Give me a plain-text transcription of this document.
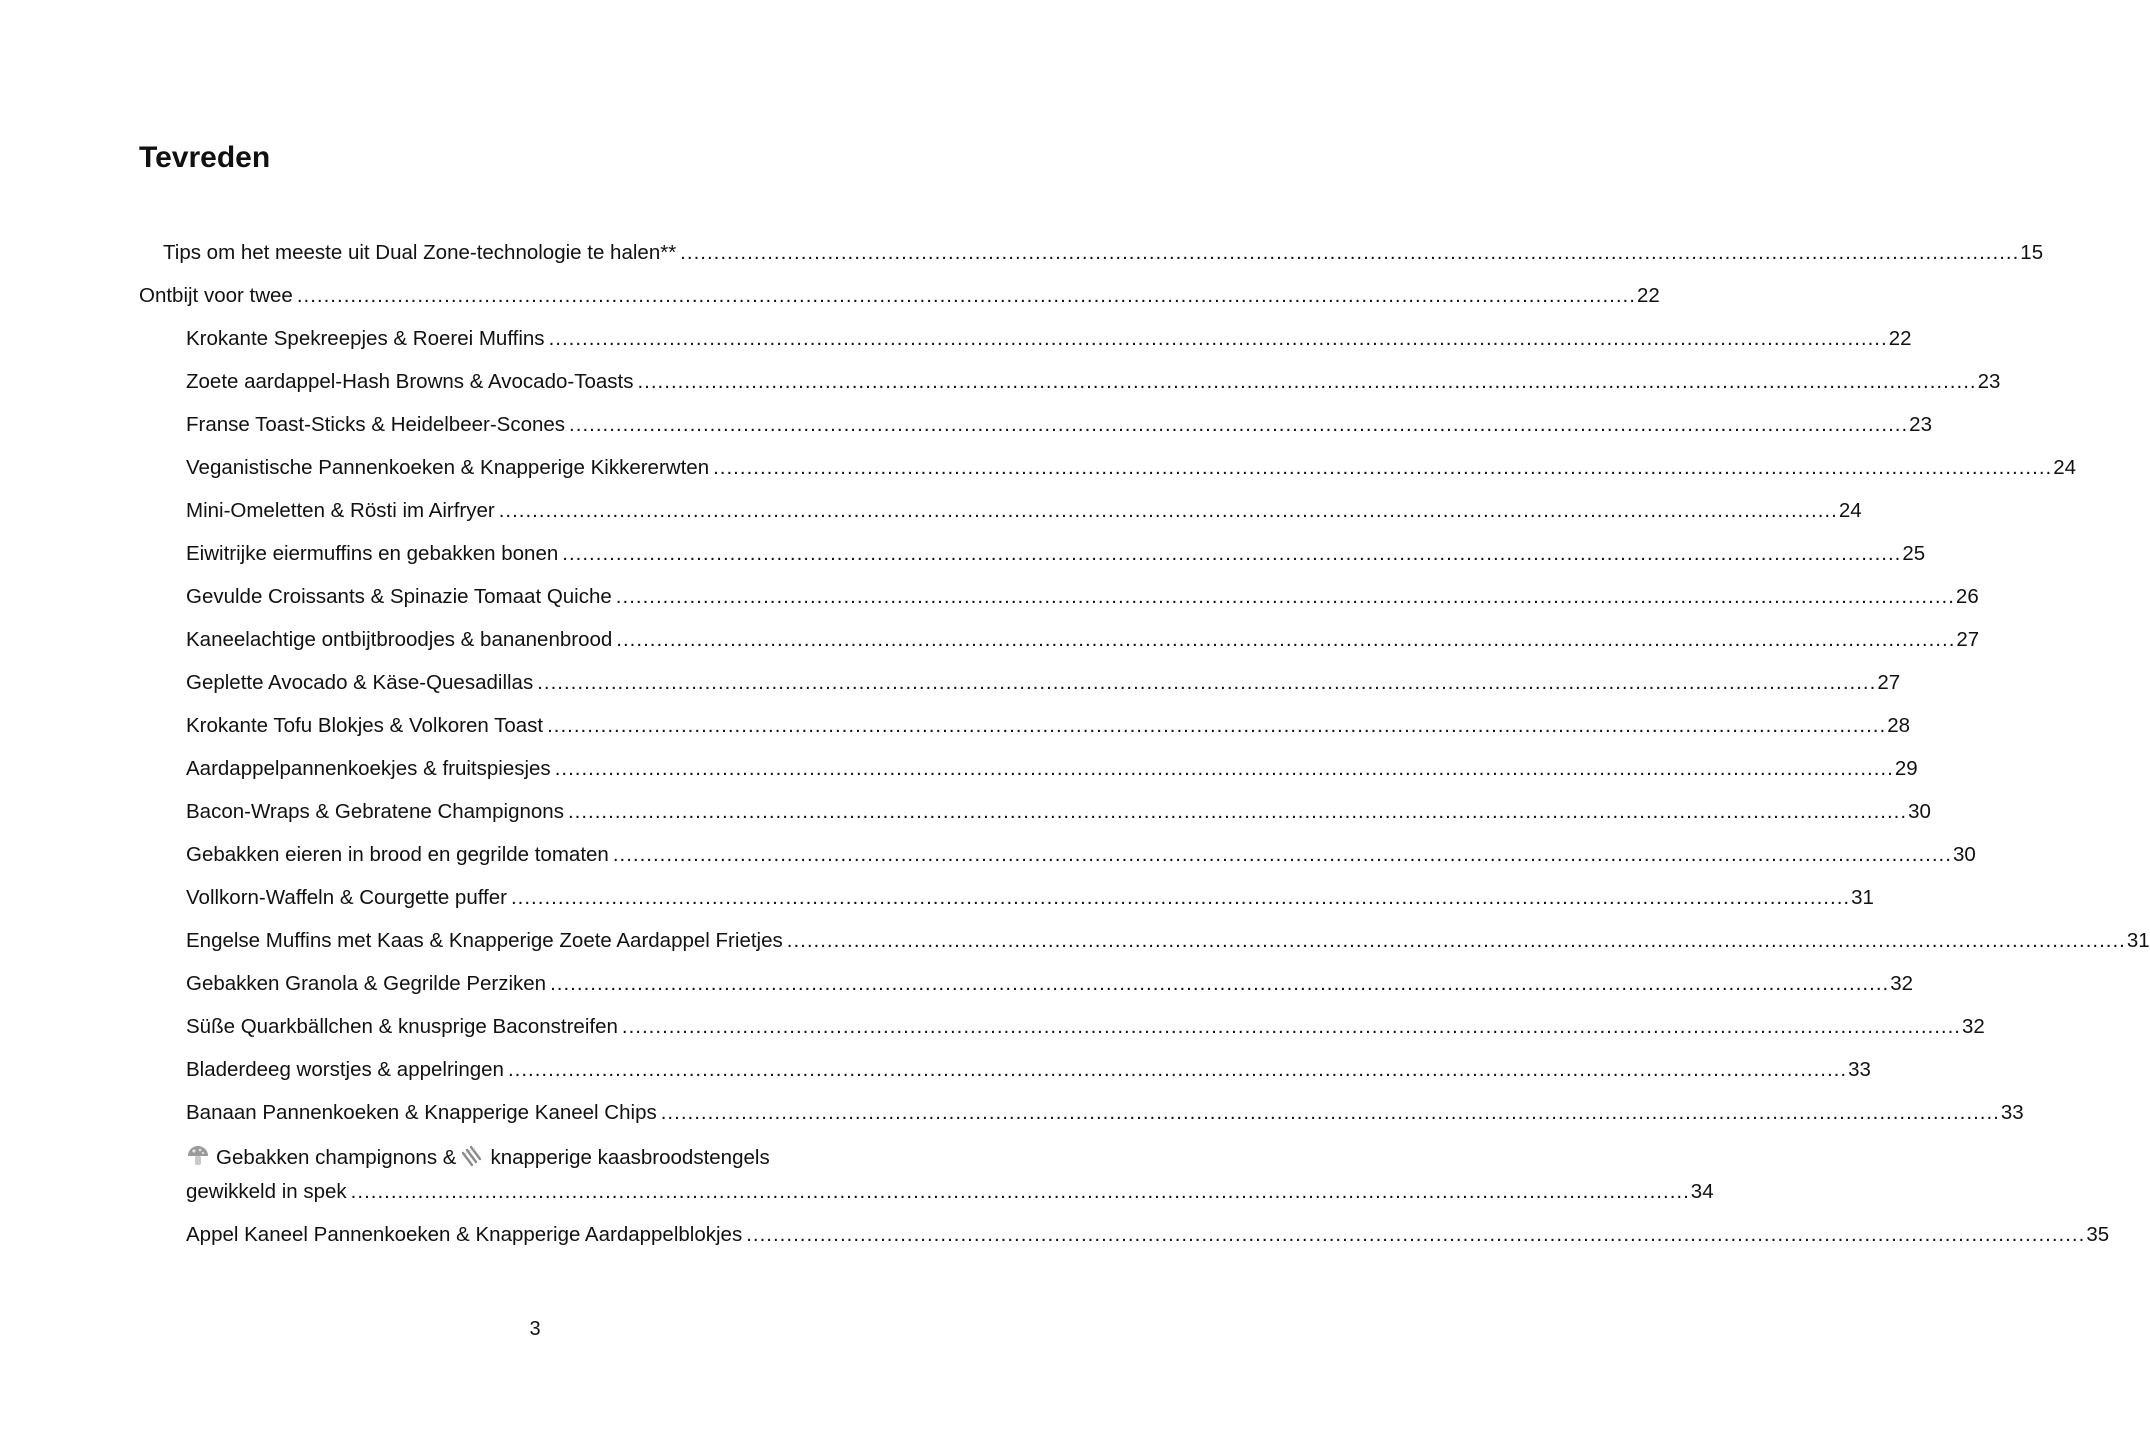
Tevreden
Tips om het meeste uit Dual Zone-technologie te halen** ........................................................................................................................................................................................................ 15
Ontbijt voor twee ........................................................................................................................................................................................................ 22
Krokante Spekreepjes & Roerei Muffins ........................................................................................................................................................................................................ 22
Zoete aardappel-Hash Browns & Avocado-Toasts ........................................................................................................................................................................................................ 23
Franse Toast-Sticks & Heidelbeer-Scones ........................................................................................................................................................................................................ 23
Veganistische Pannenkoeken & Knapperige Kikkererwten ........................................................................................................................................................................................................ 24
Mini-Omeletten & Rösti im Airfryer ........................................................................................................................................................................................................ 24
Eiwitrijke eiermuffins en gebakken bonen ........................................................................................................................................................................................................ 25
Gevulde Croissants & Spinazie Tomaat Quiche ........................................................................................................................................................................................................ 26
Kaneelachtige ontbijtbroodjes & bananenbrood ........................................................................................................................................................................................................ 27
Geplette Avocado & Käse-Quesadillas ........................................................................................................................................................................................................ 27
Krokante Tofu Blokjes & Volkoren Toast ........................................................................................................................................................................................................ 28
Aardappelpannenkoekjes & fruitspiesjes ........................................................................................................................................................................................................ 29
Bacon-Wraps & Gebratene Champignons ........................................................................................................................................................................................................ 30
Gebakken eieren in brood en gegrilde tomaten ........................................................................................................................................................................................................ 30
Vollkorn-Waffeln & Courgette puffer ........................................................................................................................................................................................................ 31
Engelse Muffins met Kaas & Knapperige Zoete Aardappel Frietjes ........................................................................................................................................................................................................ 31
Gebakken Granola & Gegrilde Perziken ........................................................................................................................................................................................................ 32
Süße Quarkbällchen & knusprige Baconstreifen ........................................................................................................................................................................................................ 32
Bladerdeeg worstjes & appelringen ........................................................................................................................................................................................................ 33
Banaan Pannenkoeken & Knapperige Kaneel Chips ........................................................................................................................................................................................................ 33
Gebakken champignons & knapperige kaasbroodstengels
gewikkeld in spek ........................................................................................................................................................................................................ 34
Appel Kaneel Pannenkoeken & Knapperige Aardappelblokjes ........................................................................................................................................................................................................ 35
3
